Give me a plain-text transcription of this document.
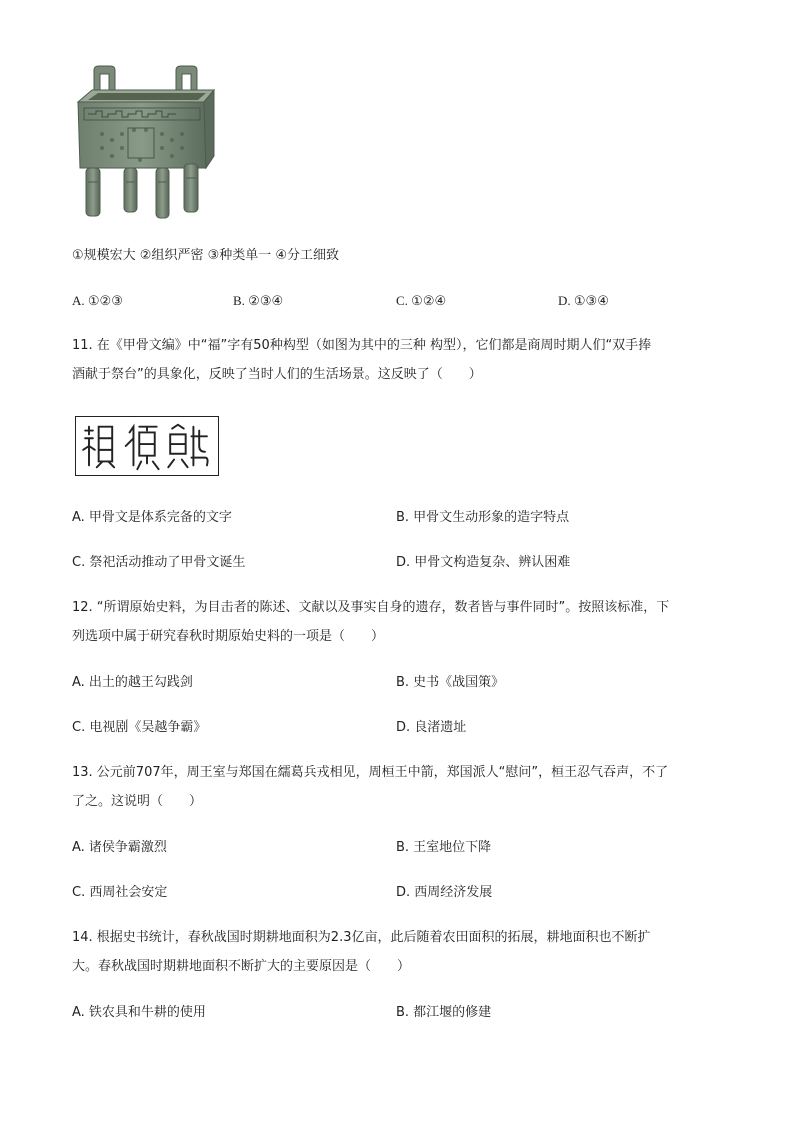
①规模宏大 ②组织严密 ③种类单一 ④分工细致
A. ①②③	B. ②③④	C. ①②④	D. ①③④
11. 在《甲骨文编》中“福”字有50种构型（如图为其中的三种 构型），它们都是商周时期人们“双手捧
酒献于祭台”的具象化，反映了当时人们的生活场景。这反映了（　　）
A. 甲骨文是体系完备的文字	B. 甲骨文生动形象的造字特点
C. 祭祀活动推动了甲骨文诞生	D. 甲骨文构造复杂、辨认困难
12. “所谓原始史料，为目击者的陈述、文献以及事实自身的遗存，数者皆与事件同时”。按照该标准，下
列选项中属于研究春秋时期原始史料的一项是（　　）
A. 出土的越王勾践剑	B. 史书《战国策》
C. 电视剧《吴越争霸》	D. 良渚遗址
13. 公元前707年，周王室与郑国在繻葛兵戎相见，周桓王中箭，郑国派人“慰问”，桓王忍气吞声，不了
了之。这说明（　　）
A. 诸侯争霸激烈	B. 王室地位下降
C. 西周社会安定	D. 西周经济发展
14. 根据史书统计，春秋战国时期耕地面积为2.3亿亩，此后随着农田面积的拓展，耕地面积也不断扩
大。春秋战国时期耕地面积不断扩大的主要原因是（　　）
A. 铁农具和牛耕的使用	B. 都江堰的修建
